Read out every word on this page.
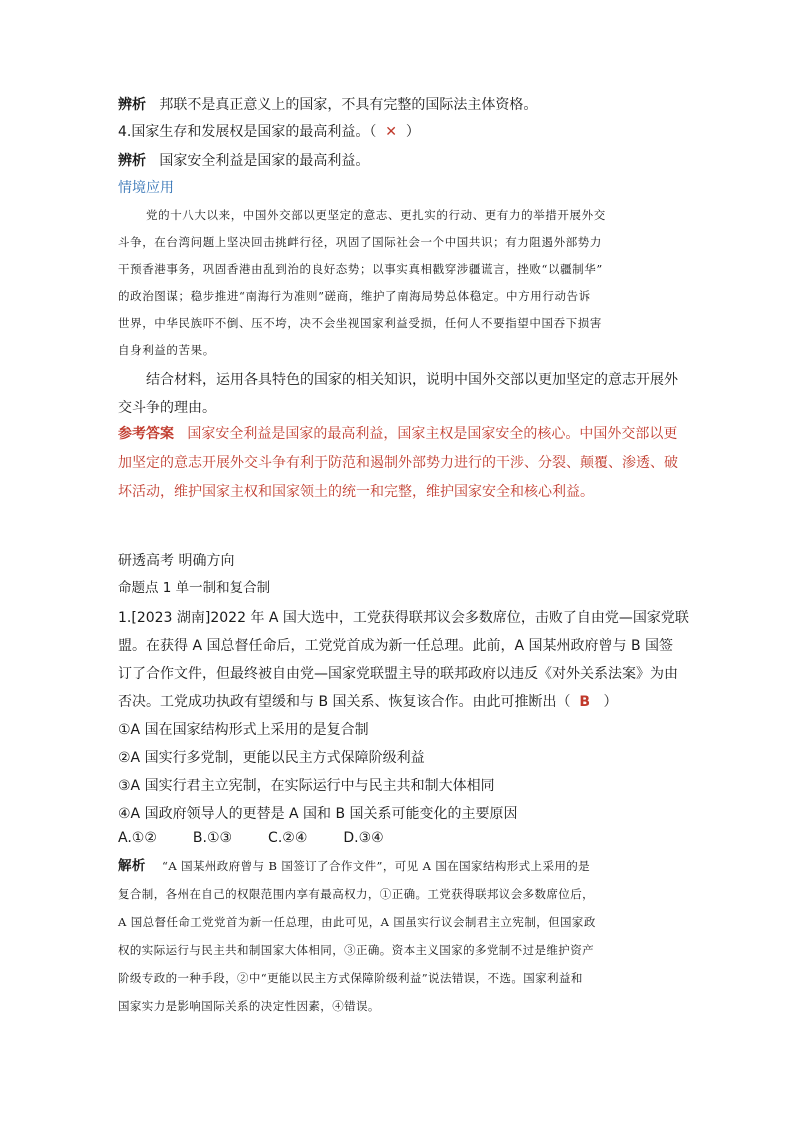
辨析 邦联不是真正意义上的国家，不具有完整的国际法主体资格。
4.国家生存和发展权是国家的最高利益。（ ✕ ）
辨析 国家安全利益是国家的最高利益。
情境应用
党的十八大以来，中国外交部以更坚定的意志、更扎实的行动、更有力的举措开展外交
斗争，在台湾问题上坚决回击挑衅行径，巩固了国际社会一个中国共识；有力阻遏外部势力
干预香港事务，巩固香港由乱到治的良好态势；以事实真相戳穿涉疆谎言，挫败“以疆制华”
的政治图谋；稳步推进“南海行为准则”磋商，维护了南海局势总体稳定。中方用行动告诉
世界，中华民族吓不倒、压不垮，决不会坐视国家利益受损，任何人不要指望中国吞下损害
自身利益的苦果。
结合材料，运用各具特色的国家的相关知识，说明中国外交部以更加坚定的意志开展外
交斗争的理由。
参考答案 国家安全利益是国家的最高利益，国家主权是国家安全的核心。中国外交部以更
加坚定的意志开展外交斗争有利于防范和遏制外部势力进行的干涉、分裂、颠覆、渗透、破
坏活动，维护国家主权和国家领土的统一和完整，维护国家安全和核心利益。
研透高考 明确方向
命题点 1 单一制和复合制
1.[2023 湖南]2022 年 A 国大选中，工党获得联邦议会多数席位，击败了自由党—国家党联
盟。在获得 A 国总督任命后，工党党首成为新一任总理。此前，A 国某州政府曾与 B 国签
订了合作文件，但最终被自由党—国家党联盟主导的联邦政府以违反《对外关系法案》为由
否决。工党成功执政有望缓和与 B 国关系、恢复该合作。由此可推断出（ B ）
①A 国在国家结构形式上采用的是复合制
②A 国实行多党制，更能以民主方式保障阶级利益
③A 国实行君主立宪制，在实际运行中与民主共和制大体相同
④A 国政府领导人的更替是 A 国和 B 国关系可能变化的主要原因
A.①②	B.①③	C.②④	D.③④
解析 “A 国某州政府曾与 B 国签订了合作文件”，可见 A 国在国家结构形式上采用的是
复合制，各州在自己的权限范围内享有最高权力，①正确。工党获得联邦议会多数席位后，
A 国总督任命工党党首为新一任总理，由此可见，A 国虽实行议会制君主立宪制，但国家政
权的实际运行与民主共和制国家大体相同，③正确。资本主义国家的多党制不过是维护资产
阶级专政的一种手段，②中“更能以民主方式保障阶级利益”说法错误，不选。国家利益和
国家实力是影响国际关系的决定性因素，④错误。
